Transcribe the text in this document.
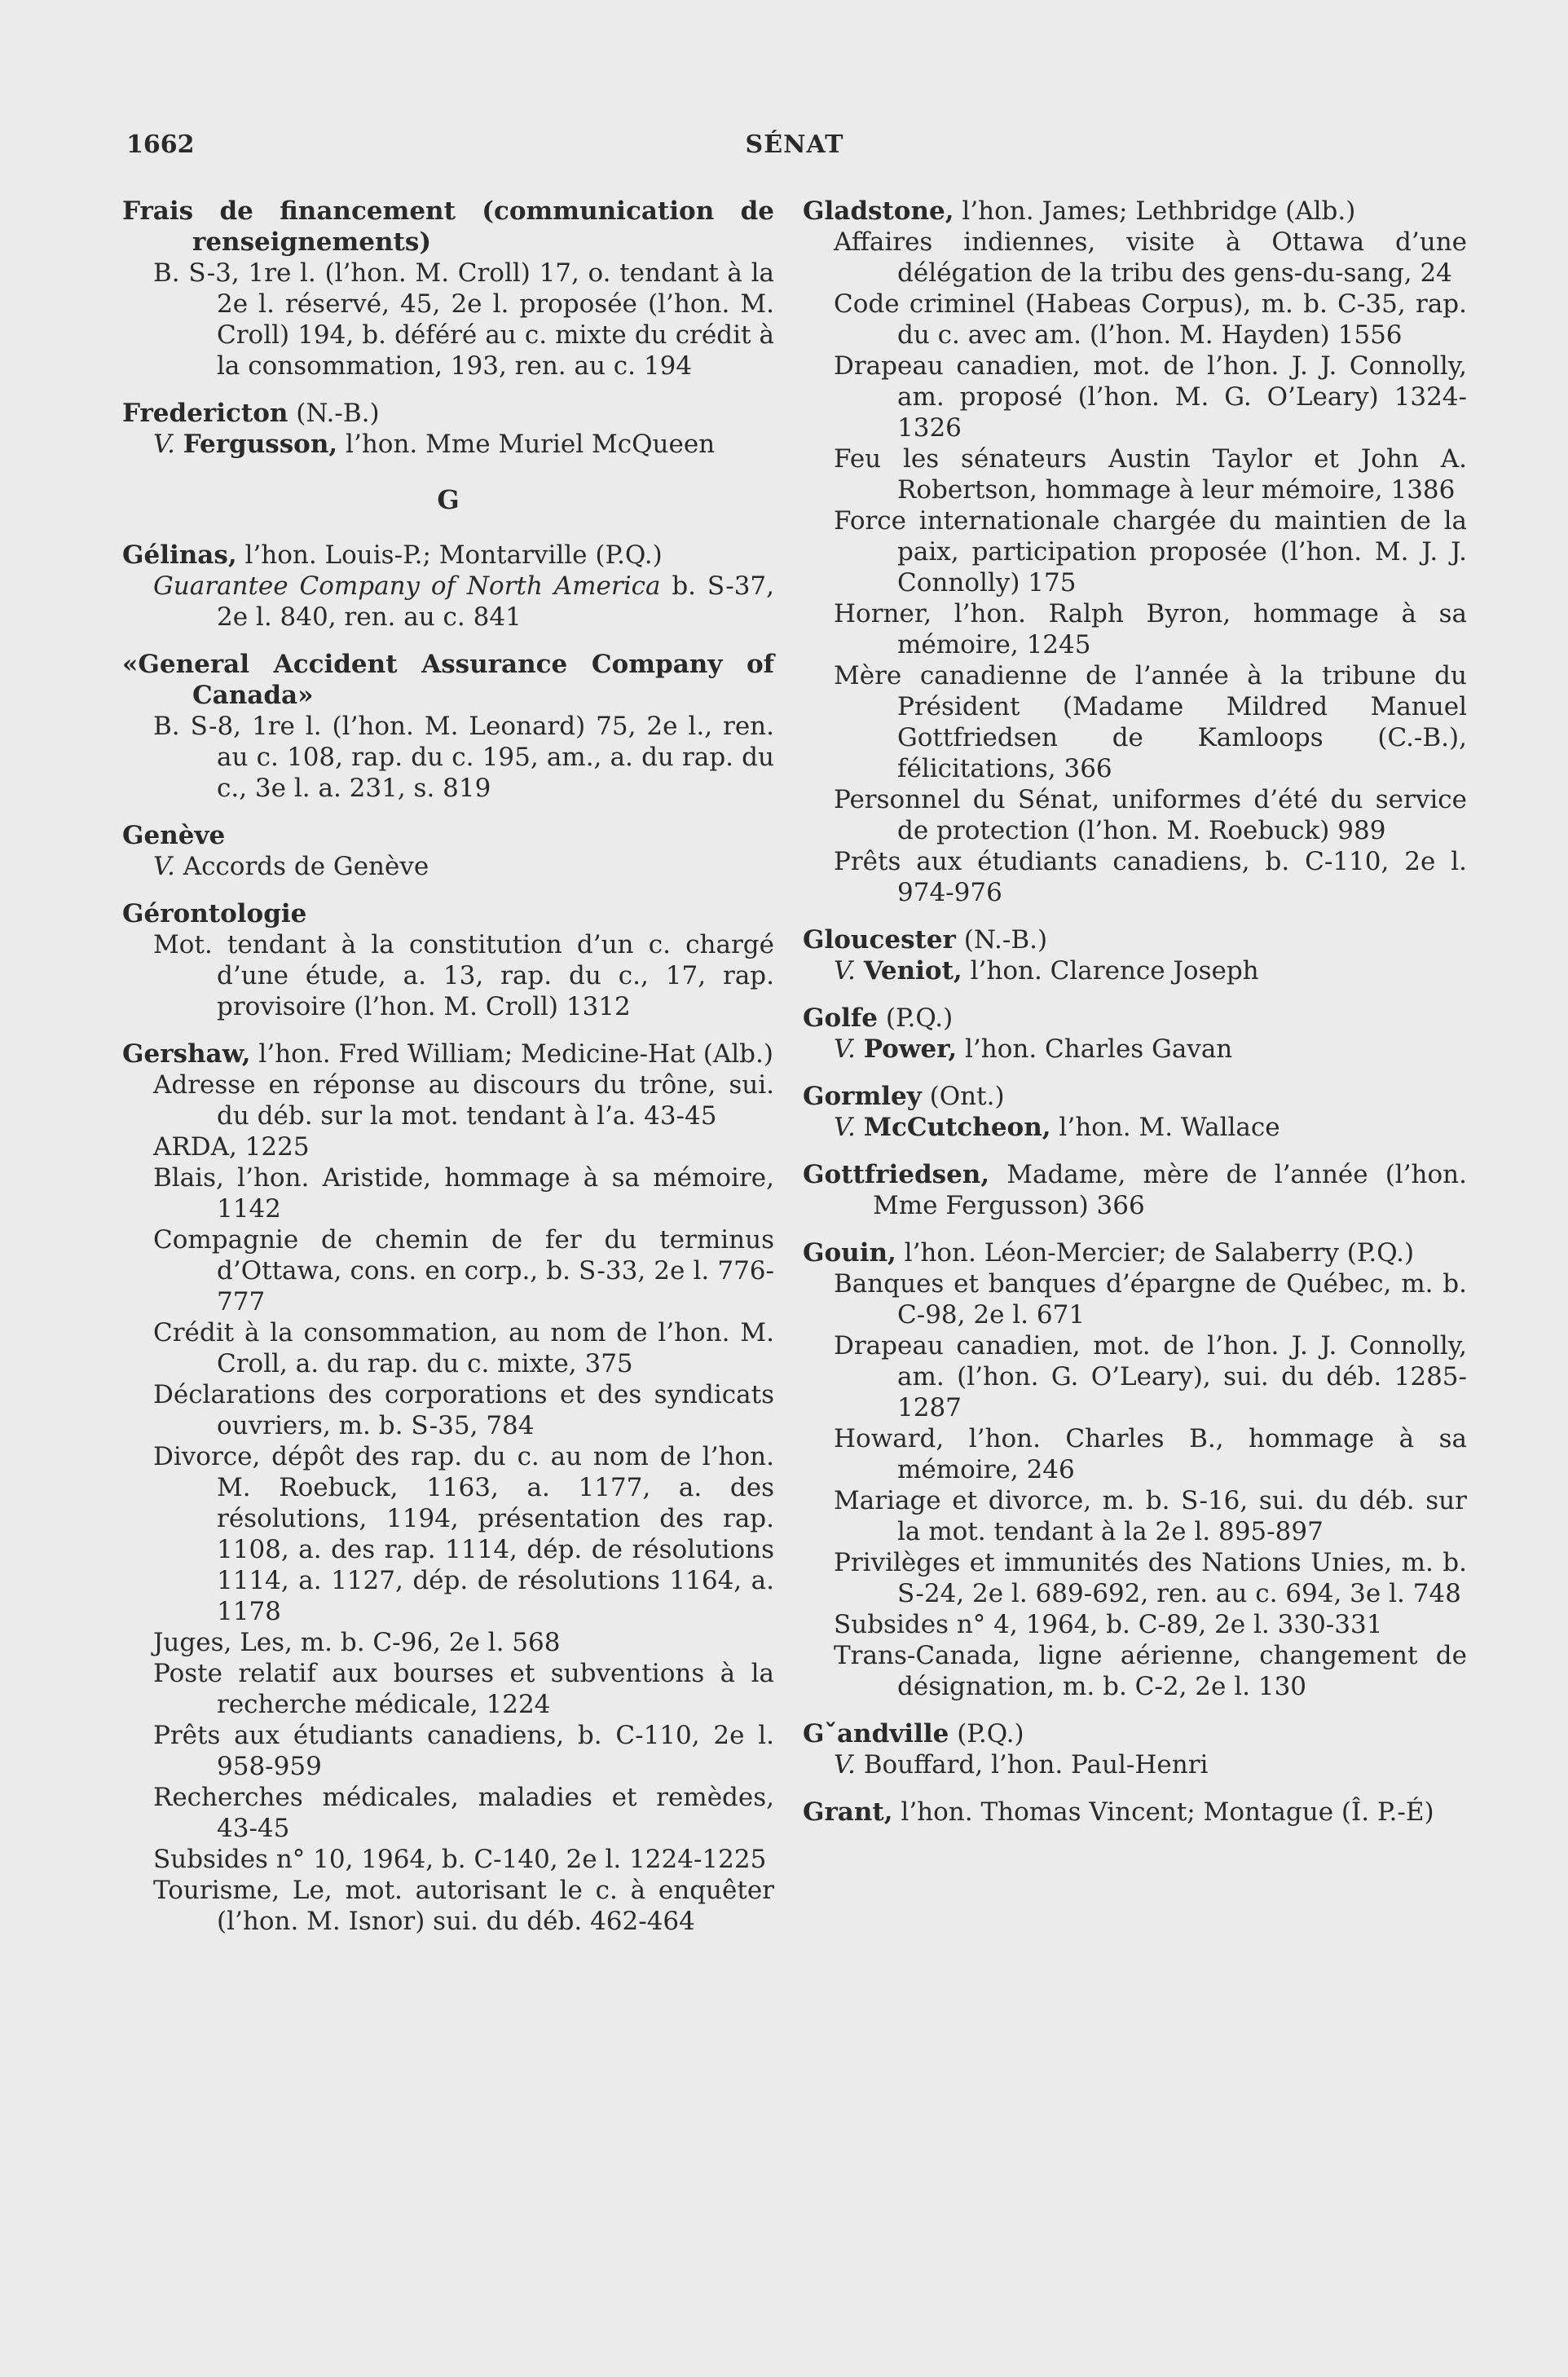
1662	SÉNAT
Frais de financement (communication de renseignements)
B. S-3, 1re l. (l’hon. M. Croll) 17, o. tendant à la 2e l. réservé, 45, 2e l. proposée (l’hon. M. Croll) 194, b. déféré au c. mixte du crédit à la consommation, 193, ren. au c. 194
Fredericton (N.-B.)
V. Fergusson, l’hon. Mme Muriel McQueen
G
Gélinas, l’hon. Louis-P.; Montarville (P.Q.)
Guarantee Company of North America b. S-37, 2e l. 840, ren. au c. 841
«General Accident Assurance Company of Canada»
B. S-8, 1re l. (l’hon. M. Leonard) 75, 2e l., ren. au c. 108, rap. du c. 195, am., a. du rap. du c., 3e l. a. 231, s. 819
Genève
V. Accords de Genève
Gérontologie
Mot. tendant à la constitution d’un c. chargé d’une étude, a. 13, rap. du c., 17, rap. provisoire (l’hon. M. Croll) 1312
Gershaw, l’hon. Fred William; Medicine-Hat (Alb.)
Adresse en réponse au discours du trône, sui. du déb. sur la mot. tendant à l’a. 43-45
ARDA, 1225
Blais, l’hon. Aristide, hommage à sa mémoire, 1142
Compagnie de chemin de fer du terminus d’Ottawa, cons. en corp., b. S-33, 2e l. 776-777
Crédit à la consommation, au nom de l’hon. M. Croll, a. du rap. du c. mixte, 375
Déclarations des corporations et des syndicats ouvriers, m. b. S-35, 784
Divorce, dépôt des rap. du c. au nom de l’hon. M. Roebuck, 1163, a. 1177, a. des résolutions, 1194, présentation des rap. 1108, a. des rap. 1114, dép. de résolutions 1114, a. 1127, dép. de résolutions 1164, a. 1178
Juges, Les, m. b. C-96, 2e l. 568
Poste relatif aux bourses et subventions à la recherche médicale, 1224
Prêts aux étudiants canadiens, b. C-110, 2e l. 958-959
Recherches médicales, maladies et remèdes, 43-45
Subsides n° 10, 1964, b. C-140, 2e l. 1224-1225
Tourisme, Le, mot. autorisant le c. à enquêter (l’hon. M. Isnor) sui. du déb. 462-464
Gladstone, l’hon. James; Lethbridge (Alb.)
Affaires indiennes, visite à Ottawa d’une délégation de la tribu des gens-du-sang, 24
Code criminel (Habeas Corpus), m. b. C-35, rap. du c. avec am. (l’hon. M. Hayden) 1556
Drapeau canadien, mot. de l’hon. J. J. Connolly, am. proposé (l’hon. M. G. O’Leary) 1324-1326
Feu les sénateurs Austin Taylor et John A. Robertson, hommage à leur mémoire, 1386
Force internationale chargée du maintien de la paix, participation proposée (l’hon. M. J. J. Connolly) 175
Horner, l’hon. Ralph Byron, hommage à sa mémoire, 1245
Mère canadienne de l’année à la tribune du Président (Madame Mildred Manuel Gottfriedsen de Kamloops (C.-B.), félicitations, 366
Personnel du Sénat, uniformes d’été du service de protection (l’hon. M. Roebuck) 989
Prêts aux étudiants canadiens, b. C-110, 2e l. 974-976
Gloucester (N.-B.)
V. Veniot, l’hon. Clarence Joseph
Golfe (P.Q.)
V. Power, l’hon. Charles Gavan
Gormley (Ont.)
V. McCutcheon, l’hon. M. Wallace
Gottfriedsen, Madame, mère de l’année (l’hon. Mme Fergusson) 366
Gouin, l’hon. Léon-Mercier; de Salaberry (P.Q.)
Banques et banques d’épargne de Québec, m. b. C-98, 2e l. 671
Drapeau canadien, mot. de l’hon. J. J. Connolly, am. (l’hon. G. O’Leary), sui. du déb. 1285-1287
Howard, l’hon. Charles B., hommage à sa mémoire, 246
Mariage et divorce, m. b. S-16, sui. du déb. sur la mot. tendant à la 2e l. 895-897
Privilèges et immunités des Nations Unies, m. b. S-24, 2e l. 689-692, ren. au c. 694, 3e l. 748
Subsides n° 4, 1964, b. C-89, 2e l. 330-331
Trans-Canada, ligne aérienne, changement de désignation, m. b. C-2, 2e l. 130
Gˇandville (P.Q.)
V. Bouffard, l’hon. Paul-Henri
Grant, l’hon. Thomas Vincent; Montague (Î. P.-É)
